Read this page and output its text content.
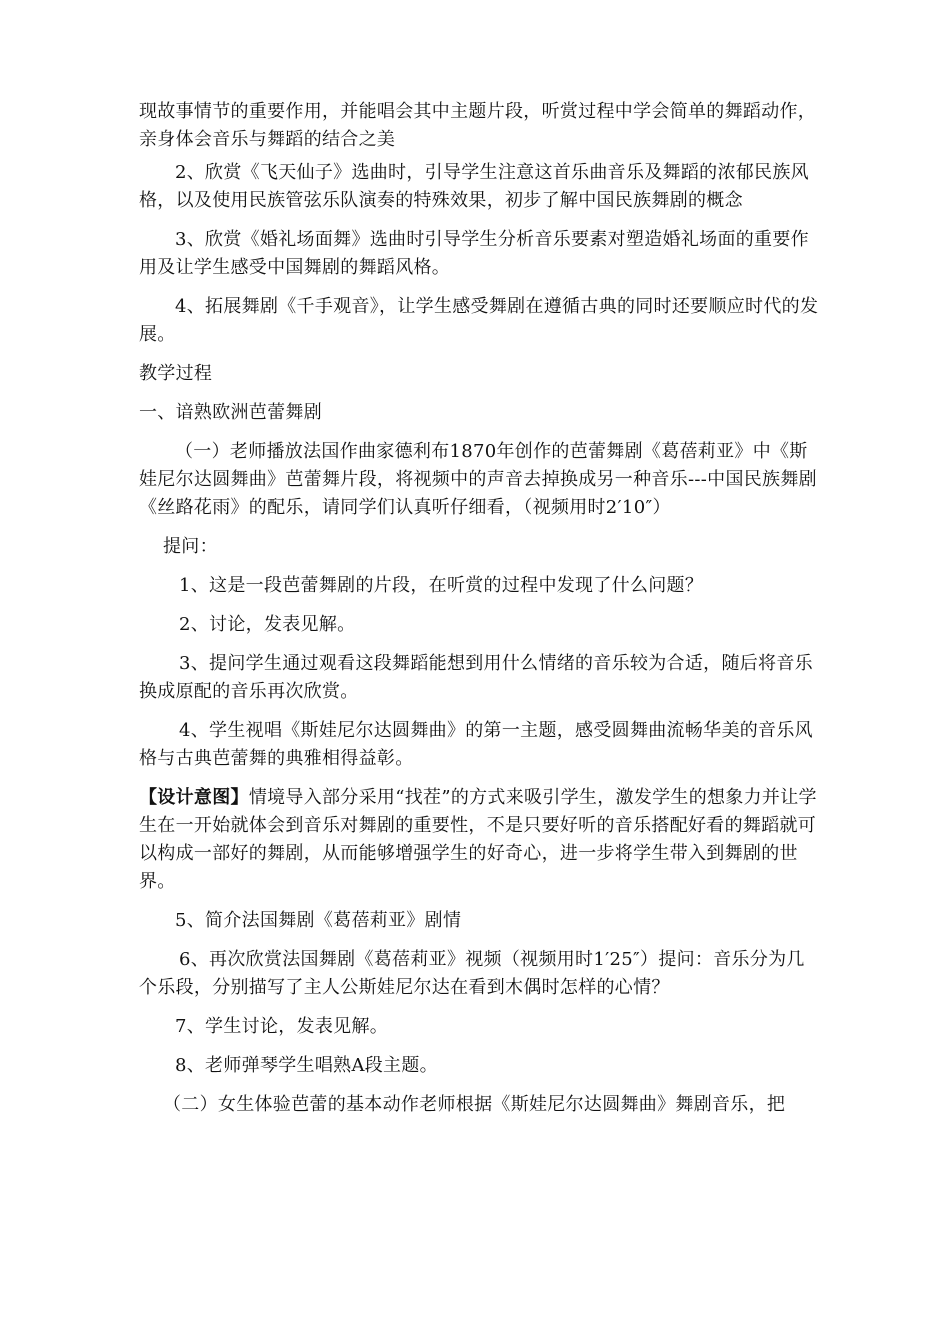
现故事情节的重要作用，并能唱会其中主题片段，听赏过程中学会简单的舞蹈动作，亲身体会音乐与舞蹈的结合之美

2、欣赏《飞天仙子》选曲时，引导学生注意这首乐曲音乐及舞蹈的浓郁民族风格，以及使用民族管弦乐队演奏的特殊效果，初步了解中国民族舞剧的概念

3、欣赏《婚礼场面舞》选曲时引导学生分析音乐要素对塑造婚礼场面的重要作用及让学生感受中国舞剧的舞蹈风格。

4、拓展舞剧《千手观音》，让学生感受舞剧在遵循古典的同时还要顺应时代的发展。

教学过程

一、谙熟欧洲芭蕾舞剧

（一）老师播放法国作曲家德利布1870年创作的芭蕾舞剧《葛蓓莉亚》中《斯娃尼尔达圆舞曲》芭蕾舞片段，将视频中的声音去掉换成另一种音乐---中国民族舞剧《丝路花雨》的配乐，请同学们认真听仔细看，（视频用时2′10″）

提问：

1、这是一段芭蕾舞剧的片段，在听赏的过程中发现了什么问题？

2、讨论，发表见解。

3、提问学生通过观看这段舞蹈能想到用什么情绪的音乐较为合适，随后将音乐换成原配的音乐再次欣赏。

4、学生视唱《斯娃尼尔达圆舞曲》的第一主题，感受圆舞曲流畅华美的音乐风格与古典芭蕾舞的典雅相得益彰。

【设计意图】情境导入部分采用“找茬”的方式来吸引学生，激发学生的想象力并让学生在一开始就体会到音乐对舞剧的重要性，不是只要好听的音乐搭配好看的舞蹈就可以构成一部好的舞剧，从而能够增强学生的好奇心，进一步将学生带入到舞剧的世界。

5、简介法国舞剧《葛蓓莉亚》剧情

6、再次欣赏法国舞剧《葛蓓莉亚》视频（视频用时1′25″）提问：音乐分为几个乐段，分别描写了主人公斯娃尼尔达在看到木偶时怎样的心情？

7、学生讨论，发表见解。

8、老师弹琴学生唱熟A段主题。

（二）女生体验芭蕾的基本动作老师根据《斯娃尼尔达圆舞曲》舞剧音乐，把
